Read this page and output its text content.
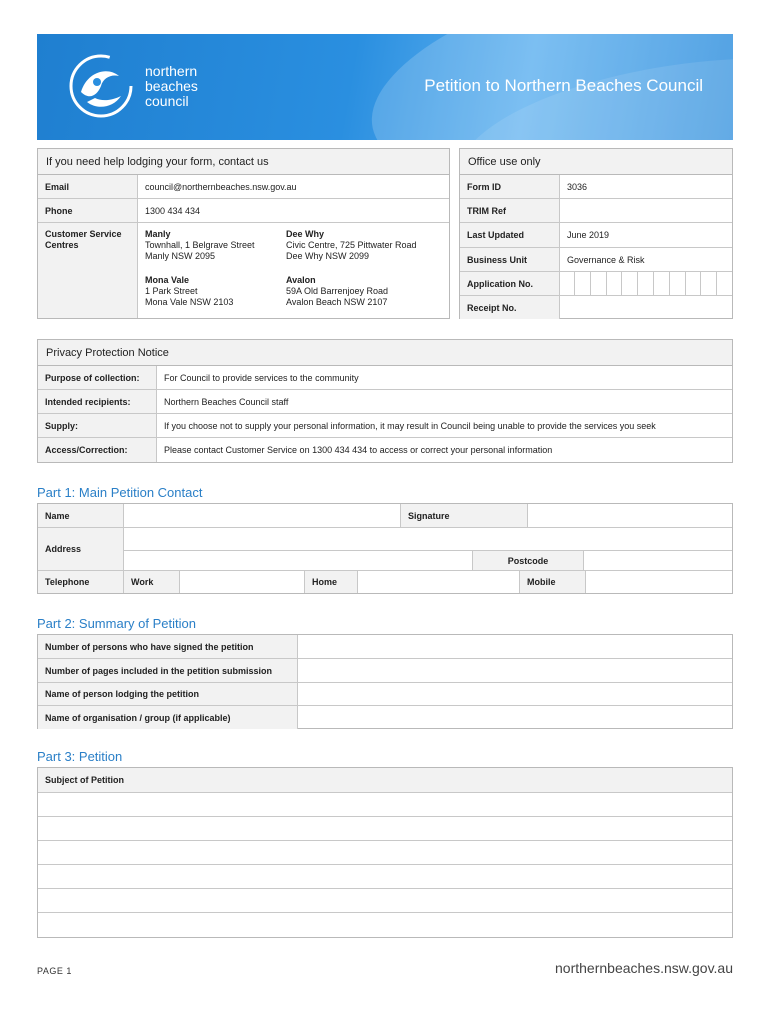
northern
beaches
council
Petition to Northern Beaches Council
If you need help lodging your form, contact us
Email	council@northernbeaches.nsw.gov.au
Phone	1300 434 434
Customer Service Centres
Manly
Townhall, 1 Belgrave Street
Manly NSW 2095
Dee Why
Civic Centre, 725 Pittwater Road
Dee Why NSW 2099
Mona Vale
1 Park Street
Mona Vale NSW 2103
Avalon
59A Old Barrenjoey Road
Avalon Beach NSW 2107
Office use only
Form ID	3036
TRIM Ref
Last Updated	June 2019
Business Unit	Governance & Risk
Application No.
Receipt No.
Privacy Protection Notice
Purpose of collection:	For Council to provide services to the community
Intended recipients:	Northern Beaches Council staff
Supply:	If you choose not to supply your personal information, it may result in Council being unable to provide the services you seek
Access/Correction:	Please contact Customer Service on 1300 434 434 to access or correct your personal information
Part 1: Main Petition Contact
Name	Signature
Address
Postcode
Telephone	Work	Home	Mobile
Part 2: Summary of Petition
Number of persons who have signed the petition
Number of pages included in the petition submission
Name of person lodging the petition
Name of organisation / group (if applicable)
Part 3: Petition
Subject of Petition
PAGE 1	northernbeaches.nsw.gov.au
